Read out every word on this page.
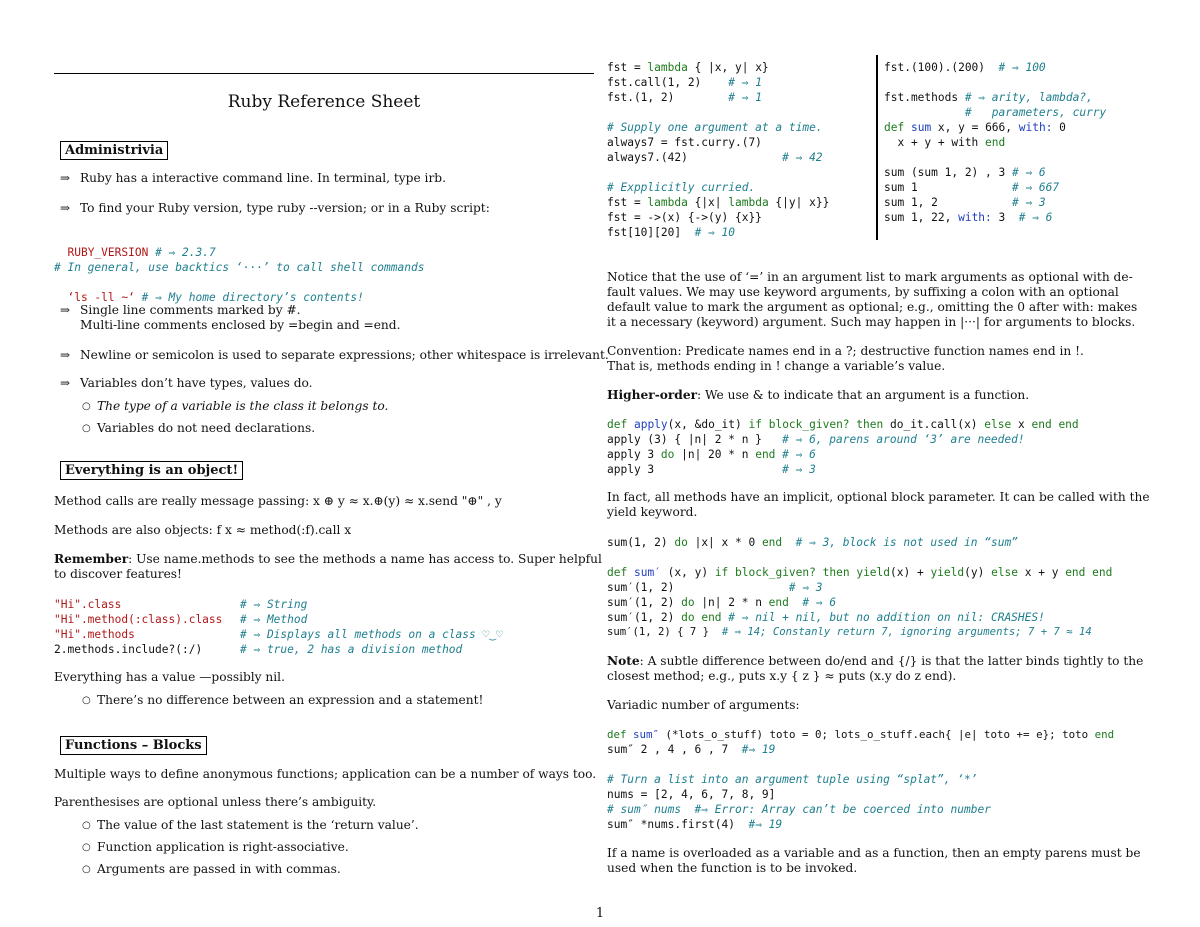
Ruby Reference Sheet
Administrivia
⇒ Ruby has a interactive command line. In terminal, type irb.
⇒ To find your Ruby version, type ruby --version; or in a Ruby script:

RUBY_VERSION # ⇒ 2.3.7

# In general, use backtics ‘···’ to call shell commands

‘ls -ll ~‘ # ⇒ My home directory’s contents!

⇒ Single line comments marked by #.
Multi-line comments enclosed by =begin and =end.
⇒ Newline or semicolon is used to separate expressions; other whitespace is irrelevant.
⇒ Variables don’t have types, values do.
○ The type of a variable is the class it belongs to.
○ Variables do not need declarations.
Everything is an object!
Method calls are really message passing: x ⊕ y ≈ x.⊕(y) ≈ x.send "⊕" , y
Methods are also objects: f x ≈ method(:f).call x
Remember: Use name.methods to see the methods a name has access to. Super helpful
to discover features!
"Hi".class	# ⇒ String
"Hi".method(:class).class # ⇒ Method
"Hi".methods	# ⇒ Displays all methods on a class ♡‿♡
2.methods.include?(:/)	# ⇒ true, 2 has a division method
Everything has a value —possibly nil.
○ There’s no difference between an expression and a statement!
Functions – Blocks
Multiple ways to define anonymous functions; application can be a number of ways too.
Parenthesises are optional unless there’s ambiguity.
○ The value of the last statement is the ‘return value’.
○ Function application is right-associative.
○ Arguments are passed in with commas.
fst = lambda { |x, y| x}
fst.call(1, 2)    # ⇒ 1
fst.(1, 2)        # ⇒ 1
# Supply one argument at a time.
always7 = fst.curry.(7)
always7.(42)              # ⇒ 42
# Expplicitly curried.
fst = lambda {|x| lambda {|y| x}}
fst = ->(x) {->(y) {x}}
fst[10][20]  # ⇒ 10
fst.(100).(200)  # ⇒ 100
fst.methods # ⇒ arity, lambda?,
#   parameters, curry
def sum x, y = 666, with: 0
x + y + with end
sum (sum 1, 2) , 3 # ⇒ 6
sum 1              # ⇒ 667
sum 1, 2           # ⇒ 3
sum 1, 22, with: 3  # ⇒ 6
Notice that the use of ‘=’ in an argument list to mark arguments as optional with de-
fault values. We may use keyword arguments, by suffixing a colon with an optional
default value to mark the argument as optional; e.g., omitting the 0 after with: makes
it a necessary (keyword) argument. Such may happen in |···| for arguments to blocks.
Convention: Predicate names end in a ?; destructive function names end in !.
That is, methods ending in ! change a variable’s value.
Higher-order: We use & to indicate that an argument is a function.
def apply(x, &do_it) if block_given? then do_it.call(x) else x end end
apply (3) { |n| 2 * n }   # ⇒ 6, parens around ‘3’ are needed!
apply 3 do |n| 20 * n end # ⇒ 6
apply 3                   # ⇒ 3
In fact, all methods have an implicit, optional block parameter. It can be called with the
yield keyword.
sum(1, 2) do |x| x * 0 end # ⇒ 3, block is not used in “sum”
def sum′ (x, y) if block_given? then yield(x) + yield(y) else x + y end end
sum′(1, 2)                 # ⇒ 3
sum′(1, 2) do |n| 2 * n end # ⇒ 6
sum′(1, 2) do end # ⇒ nil + nil, but no addition on nil: CRASHES!
sum′(1, 2) { 7 }  # ⇒ 14; Constanly return 7, ignoring arguments; 7 + 7 ≈ 14
Note: A subtle difference between do/end and {/} is that the latter binds tightly to the
closest method; e.g., puts x.y { z } ≈ puts (x.y do z end).
Variadic number of arguments:
def sum″ (*lots_o_stuff) toto = 0; lots_o_stuff.each{ |e| toto += e}; toto end
sum″ 2 , 4 , 6 , 7  #⇒ 19
# Turn a list into an argument tuple using “splat”, ‘*’
nums = [2, 4, 6, 7, 8, 9]
# sum″ nums  #⇒ Error: Array can’t be coerced into number
sum″ *nums.first(4)  #⇒ 19
If a name is overloaded as a variable and as a function, then an empty parens must be
used when the function is to be invoked.
1
